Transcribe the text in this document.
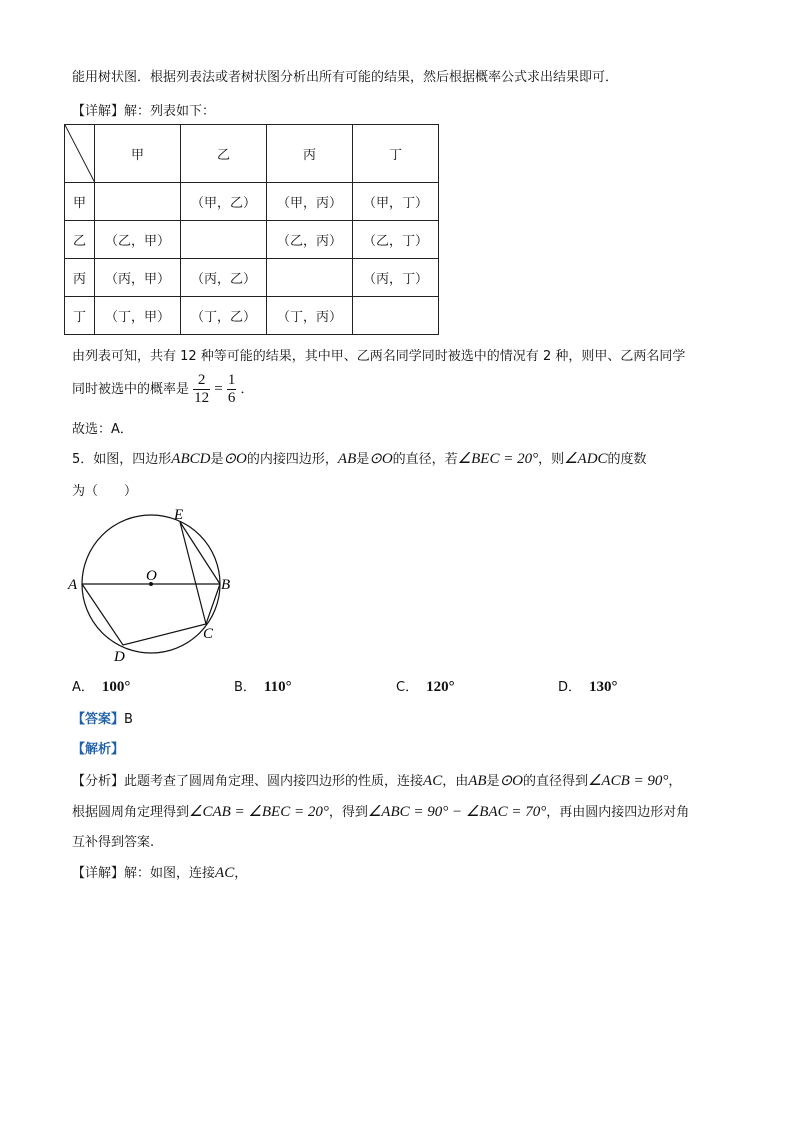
能用树状图．根据列表法或者树状图分析出所有可能的结果，然后根据概率公式求出结果即可．
【详解】解：列表如下：
	甲	乙	丙	丁
甲		（甲，乙）	（甲，丙）	（甲，丁）
乙	（乙，甲）		（乙，丙）	（乙，丁）
丙	（丙，甲）	（丙，乙）		（丙，丁）
丁	（丁，甲）	（丁，乙）	（丁，丙）	
由列表可知，共有 12 种等可能的结果，其中甲、乙两名同学同时被选中的情况有 2 种，则甲、乙两名同学
同时被选中的概率是 $\frac{2}{12} = \frac{1}{6}$ ．
故选：A．
5．如图，四边形ABCD是⊙O的内接四边形，AB是⊙O的直径，若∠BEC = 20°，则∠ADC的度数
为（　　）
A	B
C
D
E
O
A． 100°	B． 110°	C． 120°	D． 130°
【答案】B
【解析】
【分析】此题考查了圆周角定理、圆内接四边形的性质，连接AC，由AB是⊙O的直径得到∠ACB = 90°，
根据圆周角定理得到∠CAB = ∠BEC = 20°，得到∠ABC = 90° − ∠BAC = 70°，再由圆内接四边形对角
互补得到答案.
【详解】解：如图，连接AC，
